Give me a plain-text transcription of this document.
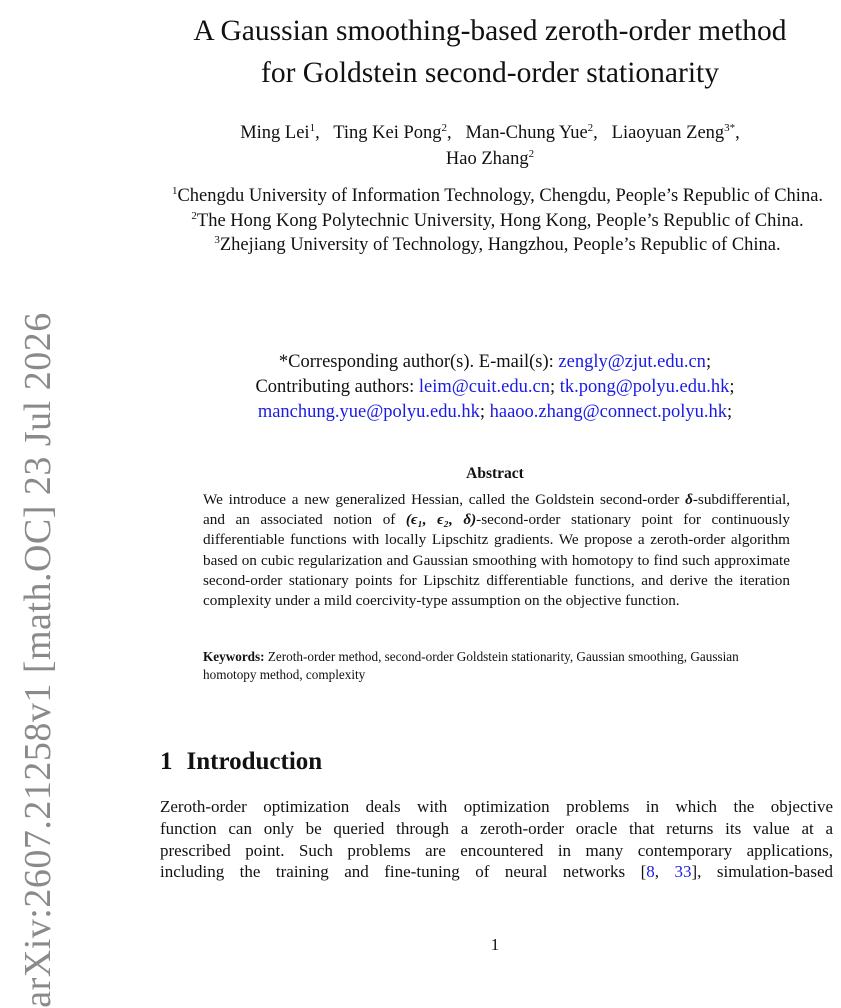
arXiv:2607.21258v1 [math.OC] 23 Jul 2026
A Gaussian smoothing-based zeroth-order method
for Goldstein second-order stationarity
Ming Lei$^1$,   Ting Kei Pong$^2$,   Man-Chung Yue$^2$,   Liaoyuan Zeng$^{3*}$,
Hao Zhang$^2$
$^1$Chengdu University of Information Technology, Chengdu, People’s Republic of China.
$^2$The Hong Kong Polytechnic University, Hong Kong, People’s Republic of China.
$^3$Zhejiang University of Technology, Hangzhou, People’s Republic of China.
*Corresponding author(s). E-mail(s): zengly@zjut.edu.cn;
Contributing authors: leim@cuit.edu.cn; tk.pong@polyu.edu.hk;
manchung.yue@polyu.edu.hk; haaoo.zhang@connect.polyu.hk;
Abstract
We introduce a new generalized Hessian, called the Goldstein second-order δ-subdifferential, and an associated notion of (ϵ₁, ϵ₂, δ)-second-order stationary point for continuously differentiable functions with locally Lipschitz gradients. We propose a zeroth-order algorithm based on cubic regularization and Gaussian smoothing with homotopy to find such approximate second-order stationary points for Lipschitz differentiable functions, and derive the iteration complexity under a mild coercivity-type assumption on the objective function.
Keywords: Zeroth-order method, second-order Goldstein stationarity, Gaussian smoothing, Gaussian homotopy method, complexity
1 Introduction
Zeroth-order optimization deals with optimization problems in which the objective
function can only be queried through a zeroth-order oracle that returns its value at a
prescribed point. Such problems are encountered in many contemporary applications,
including the training and fine-tuning of neural networks [8, 33], simulation-based
1
